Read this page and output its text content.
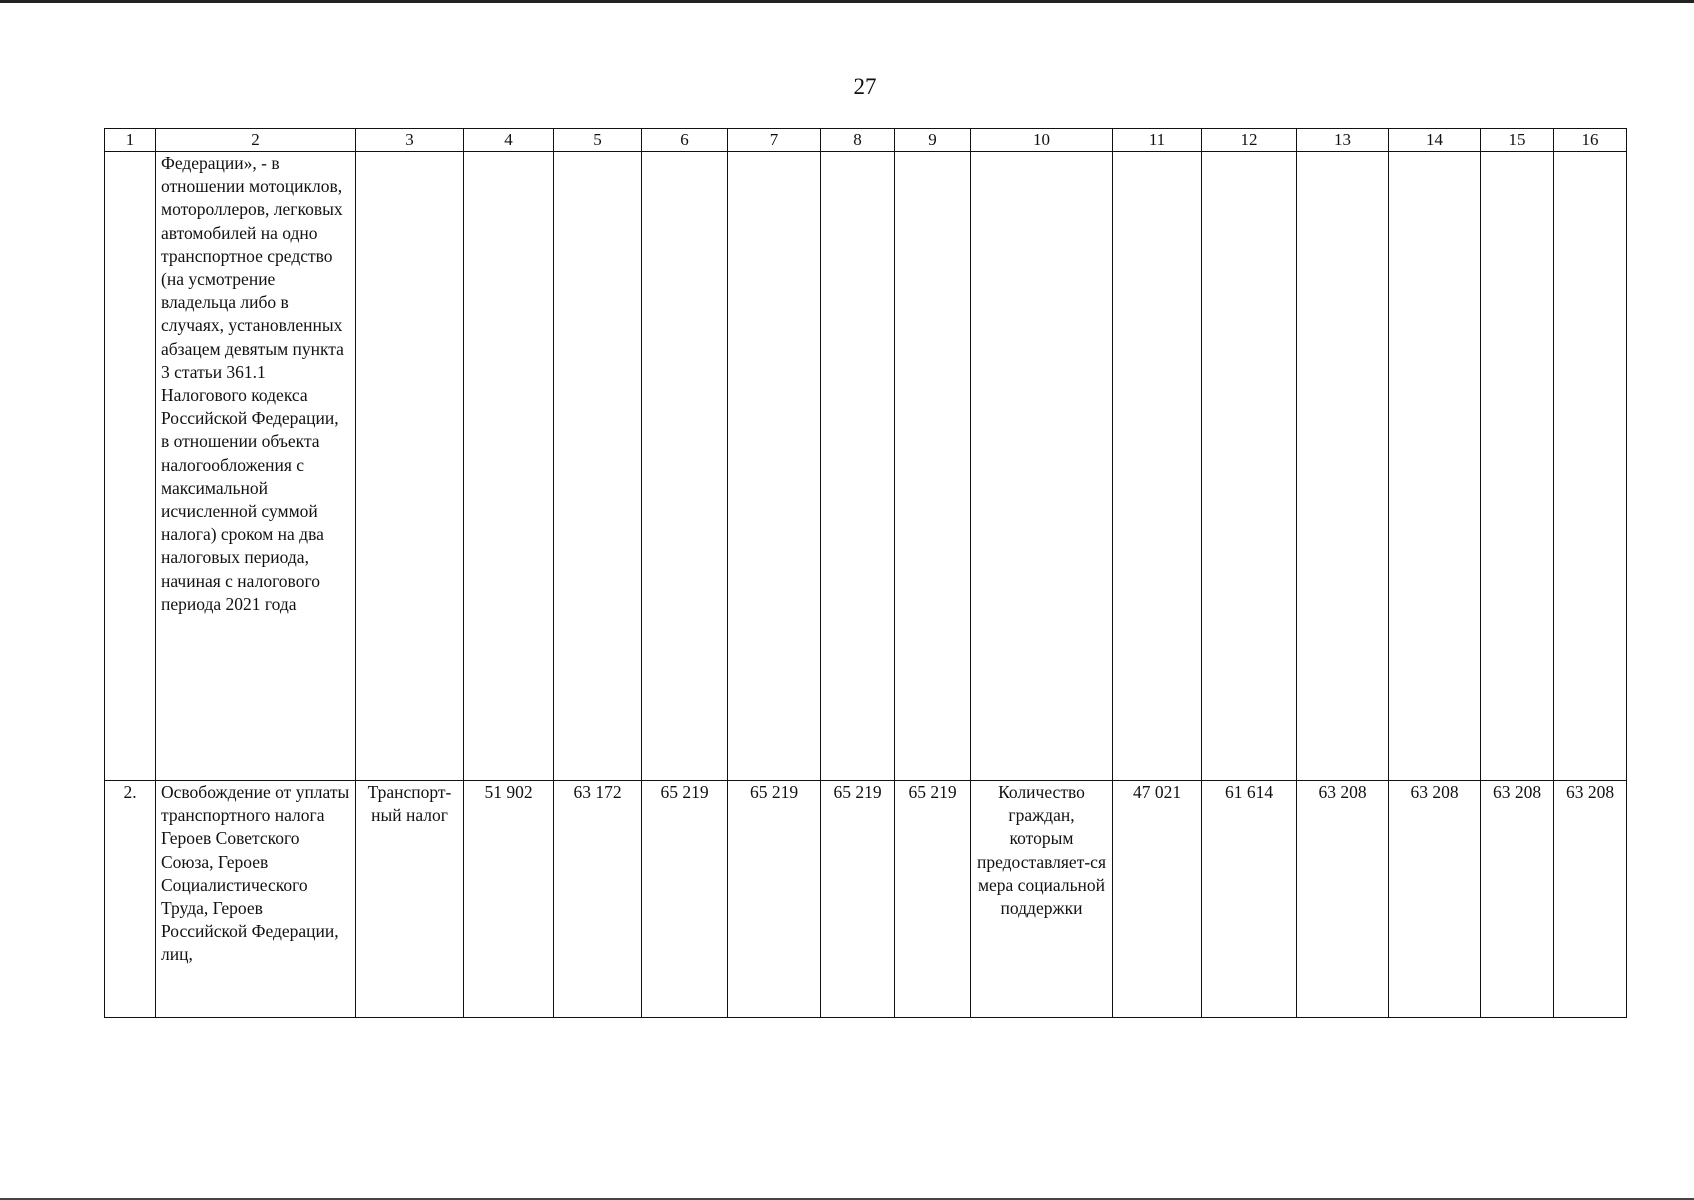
27
1	2	3	4	5	6	7	8	9	10	11	12	13	14	15	16
	Федерации», - в отношении мотоциклов, мотороллеров, легковых автомобилей на одно транспортное средство (на усмотрение владельца либо в случаях, установленных абзацем девятым пункта 3 статьи 361.1 Налогового кодекса Российской Федерации, в отношении объекта налогообложения с максимальной исчисленной суммой налога) сроком на два налоговых периода, начиная с налогового периода 2021 года														
2.	Освобождение от уплаты транспортного налога Героев Советского Союза, Героев Социалистического Труда, Героев Российской Федерации, лиц,	Транспорт-ный налог	51 902	63 172	65 219	65 219	65 219	65 219	Количество граждан, которым предоставляет-ся мера социальной поддержки	47 021	61 614	63 208	63 208	63 208	63 208
